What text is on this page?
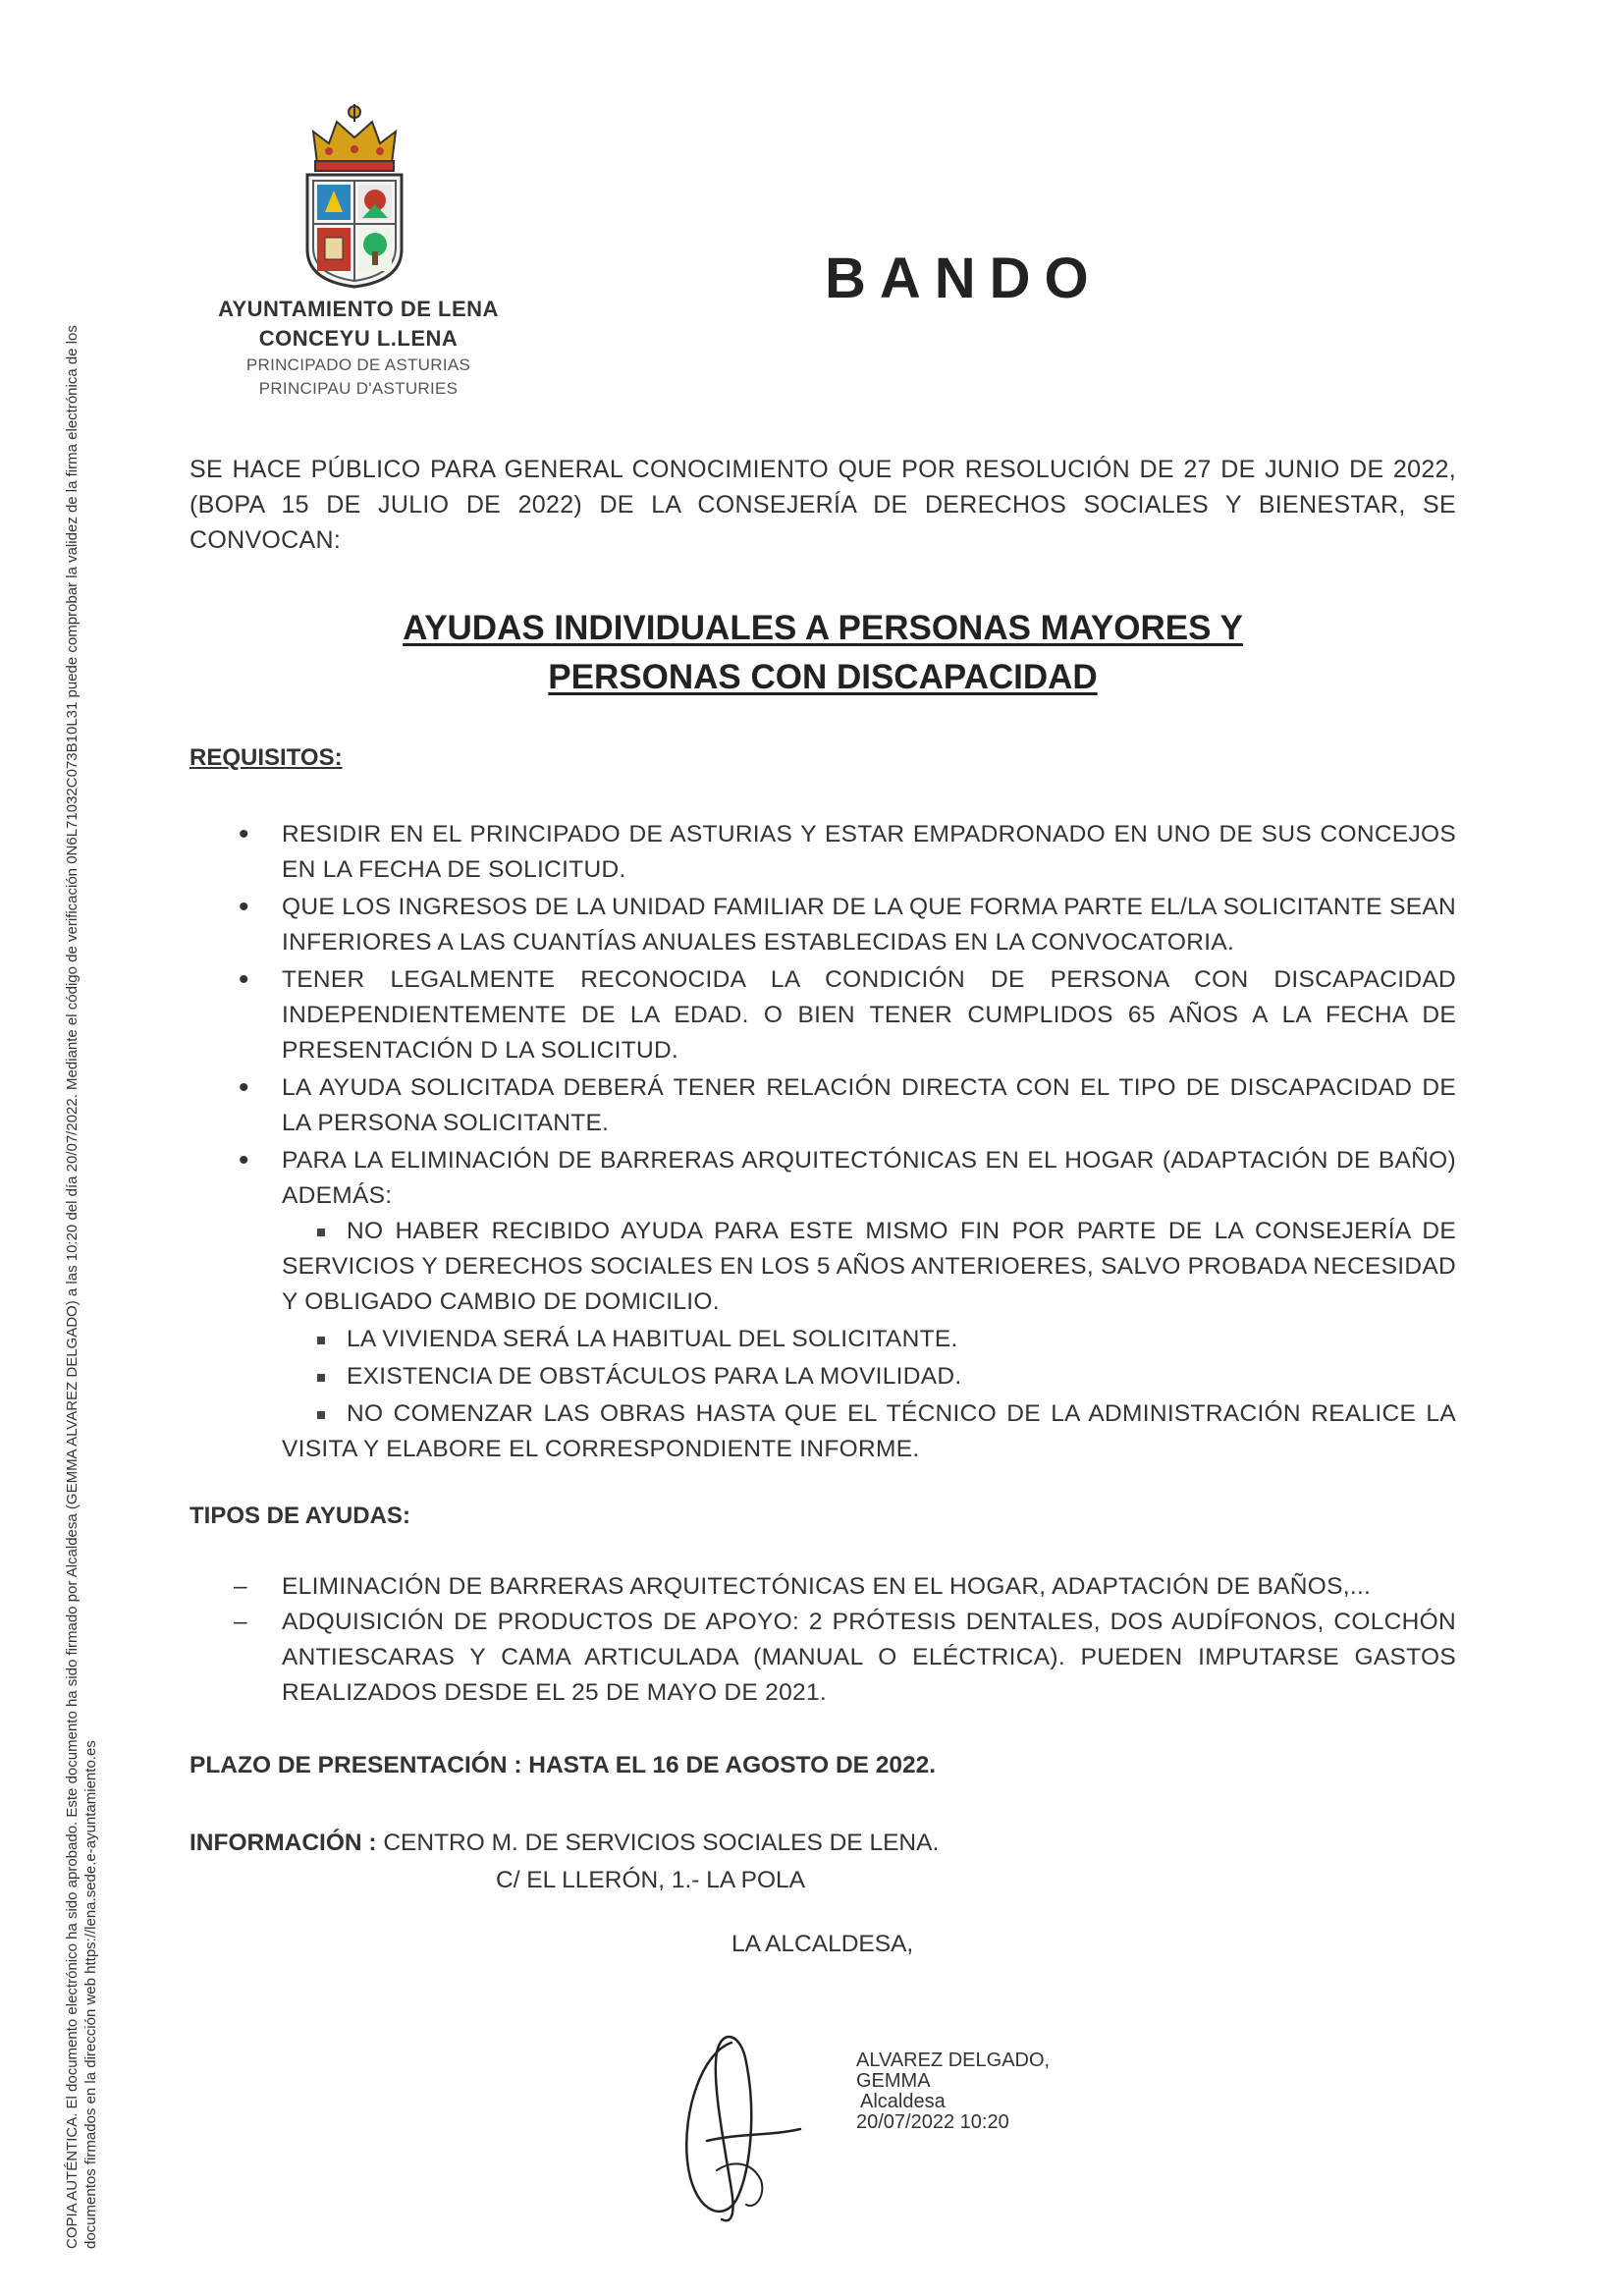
COPIA AUTÉNTICA. El documento electrónico ha sido aprobado. Este documento ha sido firmado por Alcaldesa (GEMMA ALVAREZ DELGADO) a las 10:20 del día 20/07/2022. Mediante el código de verificación 0N6L71032C073B10L31 puede comprobar la validez de la firma electrónica de los documentos firmados en la dirección web https://lena.sede.e-ayuntamiento.es
AYUNTAMIENTO DE LENA
CONCEYU L.LENA
PRINCIPADO DE ASTURIAS
PRINCIPAU D'ASTURIES
BANDO
SE HACE PÚBLICO PARA GENERAL CONOCIMIENTO QUE POR RESOLUCIÓN DE 27 DE JUNIO DE 2022, (BOPA 15 DE JULIO DE 2022) DE LA CONSEJERÍA DE DERECHOS SOCIALES Y BIENESTAR, SE CONVOCAN:
AYUDAS INDIVIDUALES A PERSONAS MAYORES Y
PERSONAS CON DISCAPACIDAD
REQUISITOS:
• RESIDIR EN EL PRINCIPADO DE ASTURIAS Y ESTAR EMPADRONADO EN UNO DE SUS CONCEJOS EN LA FECHA DE SOLICITUD.
• QUE LOS INGRESOS DE LA UNIDAD FAMILIAR DE LA QUE FORMA PARTE EL/LA SOLICITANTE SEAN INFERIORES A LAS CUANTÍAS ANUALES ESTABLECIDAS EN LA CONVOCATORIA.
• TENER LEGALMENTE RECONOCIDA LA CONDICIÓN DE PERSONA CON DISCAPACIDAD INDEPENDIENTEMENTE DE LA EDAD. O BIEN TENER CUMPLIDOS 65 AÑOS A LA FECHA DE PRESENTACIÓN D LA SOLICITUD.
• LA AYUDA SOLICITADA DEBERÁ TENER RELACIÓN DIRECTA CON EL TIPO DE DISCAPACIDAD DE LA PERSONA SOLICITANTE.
• PARA LA ELIMINACIÓN DE BARRERAS ARQUITECTÓNICAS EN EL HOGAR (ADAPTACIÓN DE BAÑO) ADEMÁS:
NO HABER RECIBIDO AYUDA PARA ESTE MISMO FIN POR PARTE DE LA CONSEJERÍA DE SERVICIOS Y DERECHOS SOCIALES EN LOS 5 AÑOS ANTERIOERES, SALVO PROBADA NECESIDAD Y OBLIGADO CAMBIO DE DOMICILIO.
LA VIVIENDA SERÁ LA HABITUAL DEL SOLICITANTE.
EXISTENCIA DE OBSTÁCULOS PARA LA MOVILIDAD.
NO COMENZAR LAS OBRAS HASTA QUE EL TÉCNICO DE LA ADMINISTRACIÓN REALICE LA VISITA Y ELABORE EL CORRESPONDIENTE INFORME.
TIPOS DE AYUDAS:
– ELIMINACIÓN DE BARRERAS ARQUITECTÓNICAS EN EL HOGAR, ADAPTACIÓN DE BAÑOS,...
– ADQUISICIÓN DE PRODUCTOS DE APOYO: 2 PRÓTESIS DENTALES, DOS AUDÍFONOS, COLCHÓN ANTIESCARAS Y CAMA ARTICULADA (MANUAL O ELÉCTRICA). PUEDEN IMPUTARSE GASTOS REALIZADOS DESDE EL 25 DE MAYO DE 2021.
PLAZO DE PRESENTACIÓN : HASTA EL 16 DE AGOSTO DE 2022.
INFORMACIÓN : CENTRO M. DE SERVICIOS SOCIALES DE LENA.
C/ EL LLERÓN, 1.- LA POLA
LA ALCALDESA,
ALVAREZ DELGADO,
GEMMA
Alcaldesa
20/07/2022 10:20
